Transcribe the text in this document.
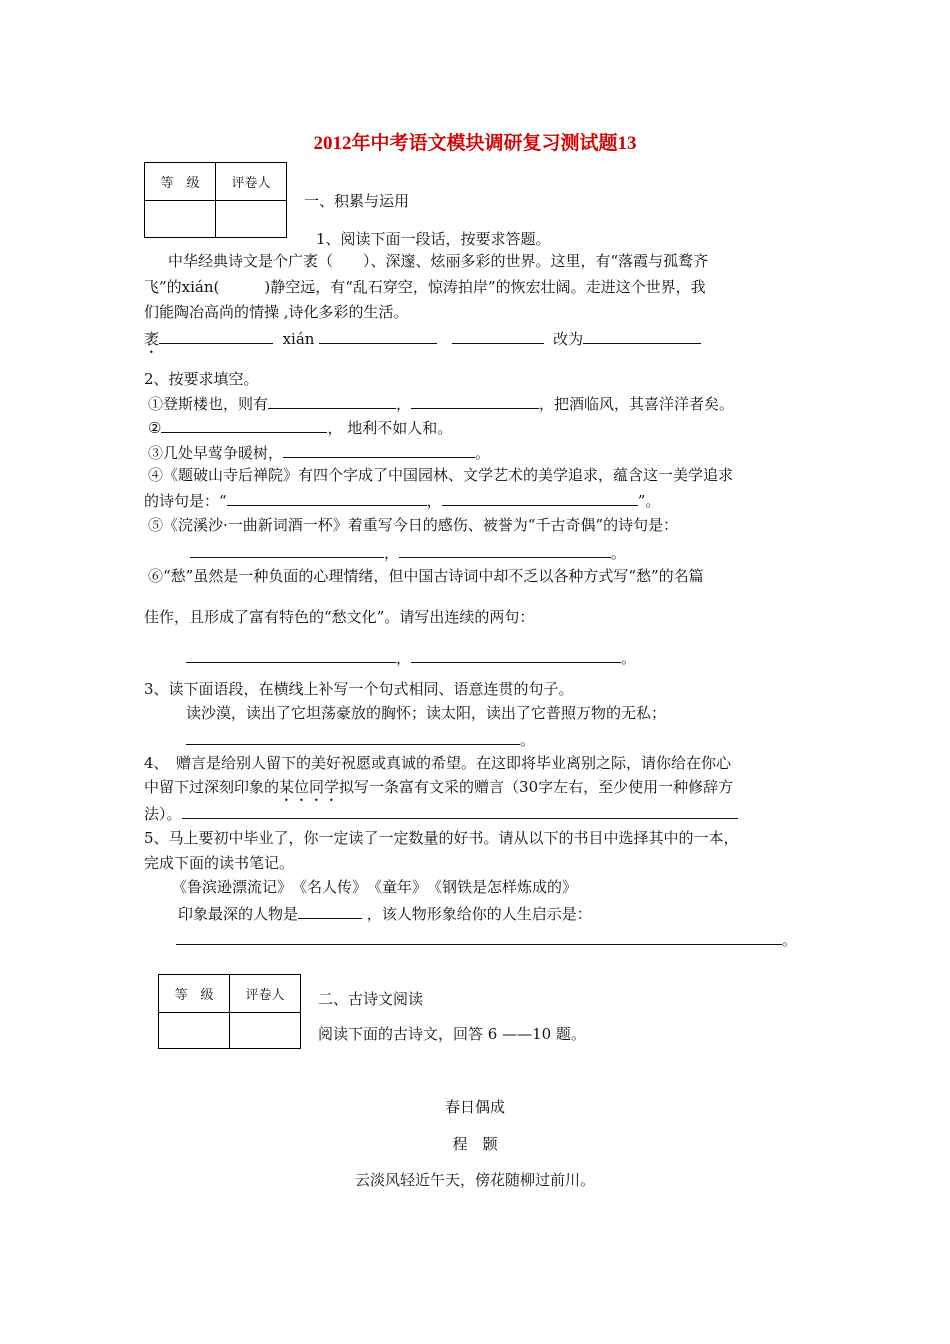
2012年中考语文模块调研复习测试题13
等　级	评卷人

一、积累与运用
1、阅读下面一段话，按要求答题。
中华经典诗文是个广袤（　　）、深邃、炫丽多彩的世界。这里，有“落霞与孤鹜齐
飞”的xián(　　　)静空远，有“乱石穿空，惊涛拍岸”的恢宏壮阔。走进这个世界，我
们能陶冶高尚的情操 ,诗化多彩的生活。
袤	xián	改为
2、按要求填空。
①登斯楼也，则有	，	，把酒临风，其喜洋洋者矣。
②	， 地利不如人和。
③几处早莺争暖树，	。
④《题破山寺后禅院》有四个字成了中国园林、文学艺术的美学追求，蕴含这一美学追求
的诗句是：“	，	”。
⑤《浣溪沙·一曲新词酒一杯》着重写今日的感伤、被誉为“千古奇偶”的诗句是：
，	。
⑥“愁”虽然是一种负面的心理情绪，但中国古诗词中却不乏以各种方式写“愁”的名篇
佳作，且形成了富有特色的“愁文化”。请写出连续的两句：
，	。
3、读下面语段，在横线上补写一个句式相同、语意连贯的句子。
读沙漠，读出了它坦荡豪放的胸怀；读太阳，读出了它普照万物的无私；
。
4、　赠言是给别人留下的美好祝愿或真诚的希望。在这即将毕业离别之际，请你给在你心
中留下过深刻印象的某位同学拟写一条富有文采的赠言（30字左右，至少使用一种修辞方
法）。
5、马上要初中毕业了，你一定读了一定数量的好书。请从以下的书目中选择其中的一本，
完成下面的读书笔记。
《鲁滨逊漂流记》　《名人传》　《童年》　《钢铁是怎样炼成的》
印象最深的人物是	，该人物形象给你的人生启示是：
。
等　级	评卷人
	二、古诗文阅读
阅读下面的古诗文，回答 6 ——10 题。
春日偶成
程　颢
云淡风轻近午天，傍花随柳过前川。
